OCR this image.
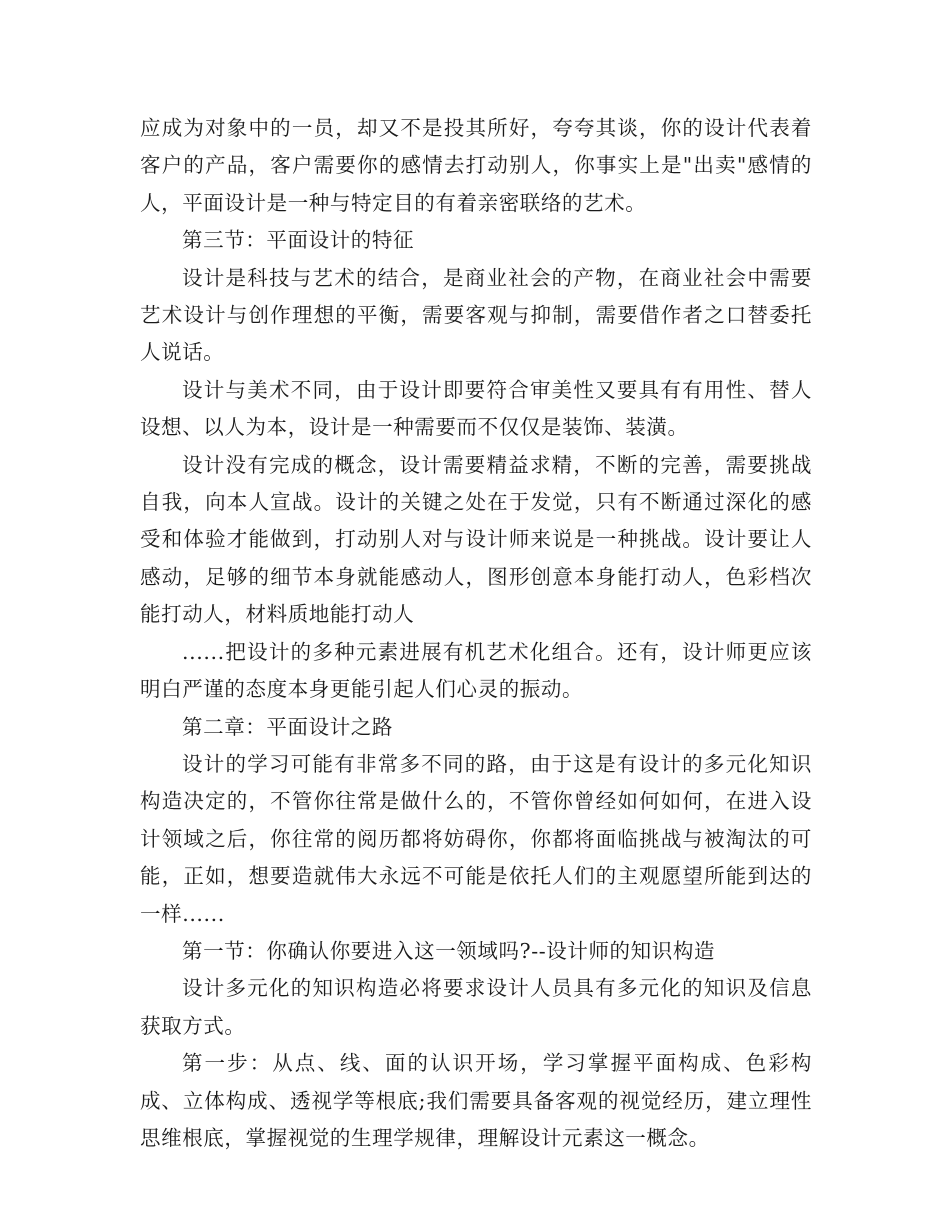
应成为对象中的一员，却又不是投其所好，夸夸其谈，你的设计代表着客户的产品，客户需要你的感情去打动别人，你事实上是"出卖"感情的人，平面设计是一种与特定目的有着亲密联络的艺术。

第三节：平面设计的特征

设计是科技与艺术的结合，是商业社会的产物，在商业社会中需要艺术设计与创作理想的平衡，需要客观与抑制，需要借作者之口替委托人说话。

设计与美术不同，由于设计即要符合审美性又要具有有用性、替人设想、以人为本，设计是一种需要而不仅仅是装饰、装潢。

设计没有完成的概念，设计需要精益求精，不断的完善，需要挑战自我，向本人宣战。设计的关键之处在于发觉，只有不断通过深化的感受和体验才能做到，打动别人对与设计师来说是一种挑战。设计要让人感动，足够的细节本身就能感动人，图形创意本身能打动人，色彩档次能打动人，材料质地能打动人

......把设计的多种元素进展有机艺术化组合。还有，设计师更应该明白严谨的态度本身更能引起人们心灵的振动。

第二章：平面设计之路

设计的学习可能有非常多不同的路，由于这是有设计的多元化知识构造决定的，不管你往常是做什么的，不管你曾经如何如何，在进入设计领域之后，你往常的阅历都将妨碍你，你都将面临挑战与被淘汰的可能，正如，想要造就伟大永远不可能是依托人们的主观愿望所能到达的一样......

第一节：你确认你要进入这一领域吗?--设计师的知识构造

设计多元化的知识构造必将要求设计人员具有多元化的知识及信息获取方式。

第一步：从点、线、面的认识开场，学习掌握平面构成、色彩构成、立体构成、透视学等根底;我们需要具备客观的视觉经历，建立理性思维根底，掌握视觉的生理学规律，理解设计元素这一概念。
